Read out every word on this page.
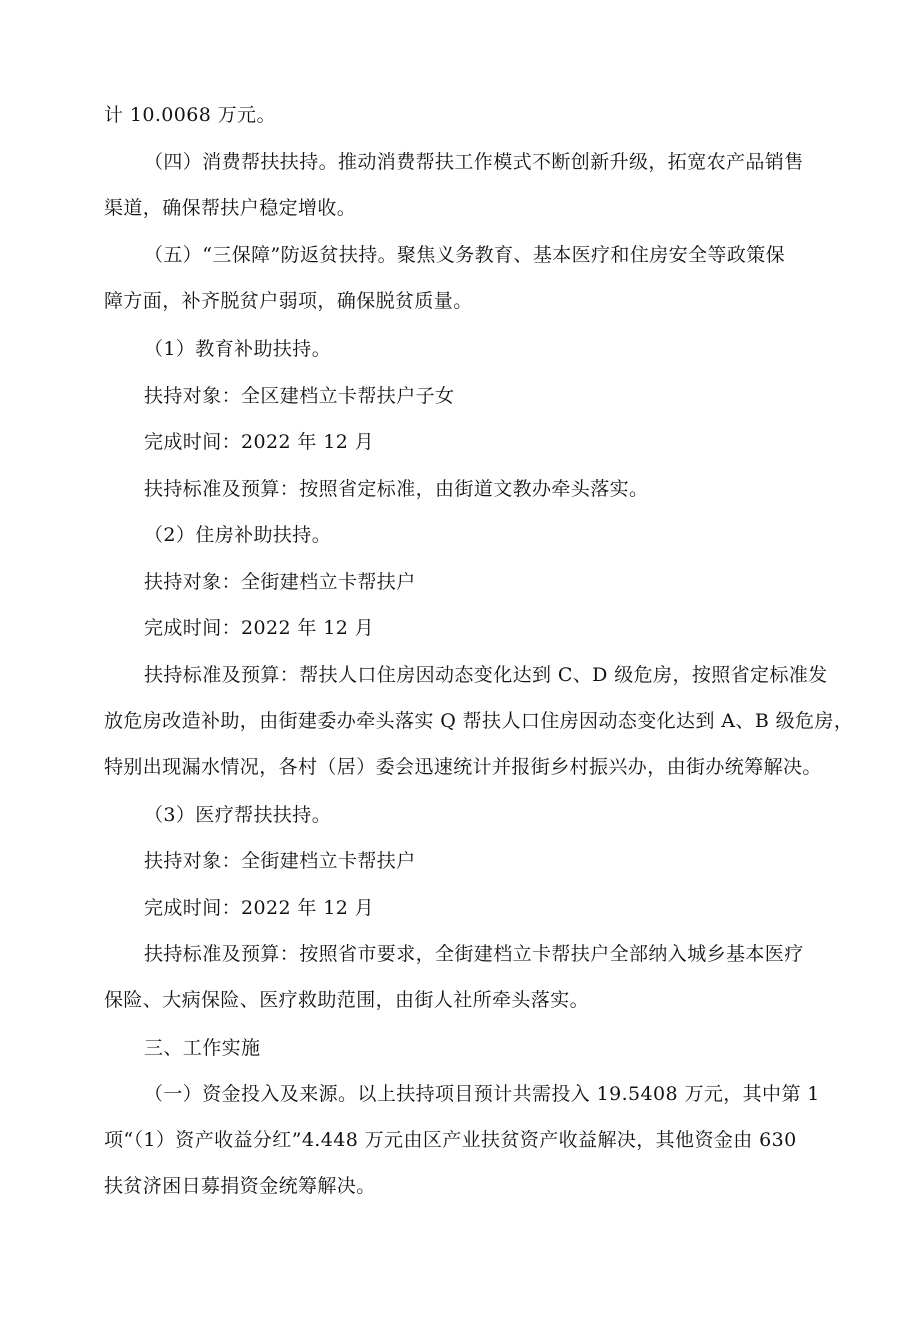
计 10.0068 万元。

（四）消费帮扶扶持。推动消费帮扶工作模式不断创新升级，拓宽农产品销售
渠道，确保帮扶户稳定增收。

（五）“三保障”防返贫扶持。聚焦义务教育、基本医疗和住房安全等政策保
障方面，补齐脱贫户弱项，确保脱贫质量。

（1）教育补助扶持。

扶持对象：全区建档立卡帮扶户子女

完成时间：2022 年 12 月

扶持标准及预算：按照省定标准，由街道文教办牵头落实。

（2）住房补助扶持。

扶持对象：全街建档立卡帮扶户

完成时间：2022 年 12 月

扶持标准及预算：帮扶人口住房因动态变化达到 C、D 级危房，按照省定标准发
放危房改造补助，由街建委办牵头落实 Q 帮扶人口住房因动态变化达到 A、B 级危房，
特别出现漏水情况，各村（居）委会迅速统计并报街乡村振兴办，由街办统筹解决。

（3）医疗帮扶扶持。

扶持对象：全街建档立卡帮扶户

完成时间：2022 年 12 月

扶持标准及预算：按照省市要求，全街建档立卡帮扶户全部纳入城乡基本医疗
保险、大病保险、医疗救助范围，由街人社所牵头落实。

三、工作实施

（一）资金投入及来源。以上扶持项目预计共需投入 19.5408 万元，其中第 1
项“（1）资产收益分红”4.448 万元由区产业扶贫资产收益解决，其他资金由 630
扶贫济困日募捐资金统筹解决。
